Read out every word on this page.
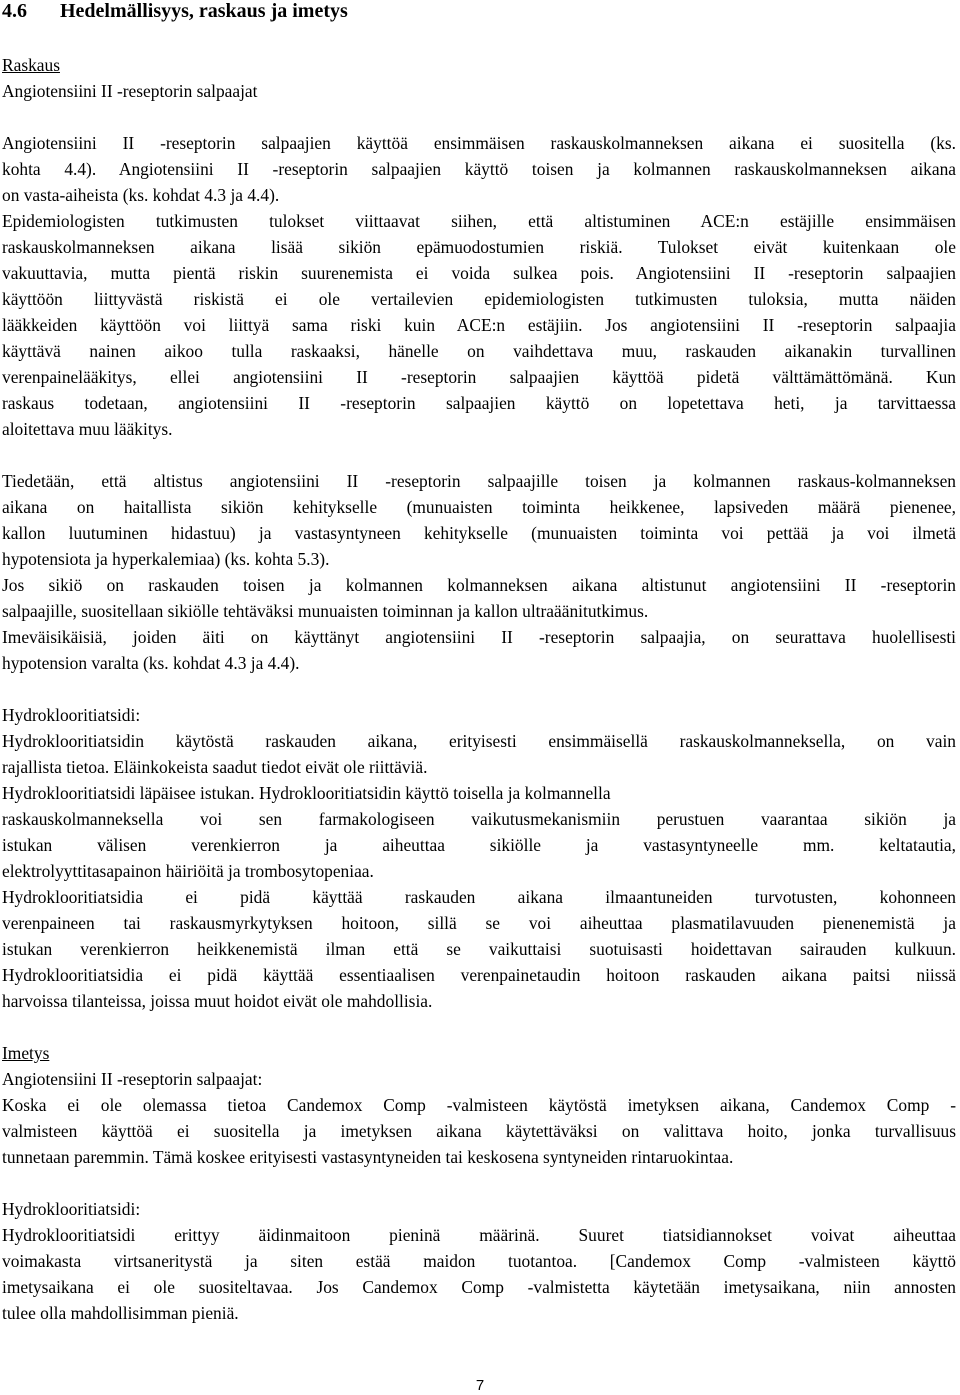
4.6 Hedelmällisyys, raskaus ja imetys

Raskaus

Angiotensiini II -reseptorin salpaajat

Angiotensiini II -reseptorin salpaajien käyttöä ensimmäisen raskauskolmanneksen aikana ei suositella (ks.

kohta 4.4). Angiotensiini II -reseptorin salpaajien käyttö toisen ja kolmannen raskauskolmanneksen aikana

on vasta-aiheista (ks. kohdat 4.3 ja 4.4).

Epidemiologisten tutkimusten tulokset viittaavat siihen, että altistuminen ACE:n estäjille ensimmäisen

raskauskolmanneksen aikana lisää sikiön epämuodostumien riskiä. Tulokset eivät kuitenkaan ole

vakuuttavia, mutta pientä riskin suurenemista ei voida sulkea pois. Angiotensiini II -reseptorin salpaajien

käyttöön liittyvästä riskistä ei ole vertailevien epidemiologisten tutkimusten tuloksia, mutta näiden

lääkkeiden käyttöön voi liittyä sama riski kuin ACE:n estäjiin. Jos angiotensiini II -reseptorin salpaajia

käyttävä nainen aikoo tulla raskaaksi, hänelle on vaihdettava muu, raskauden aikanakin turvallinen

verenpainelääkitys, ellei angiotensiini II -reseptorin salpaajien käyttöä pidetä välttämättömänä. Kun

raskaus todetaan, angiotensiini II -reseptorin salpaajien käyttö on lopetettava heti, ja tarvittaessa

aloitettava muu lääkitys.

Tiedetään, että altistus angiotensiini II -reseptorin salpaajille toisen ja kolmannen raskaus-kolmanneksen

aikana on haitallista sikiön kehitykselle (munuaisten toiminta heikkenee, lapsiveden määrä pienenee,

kallon luutuminen hidastuu) ja vastasyntyneen kehitykselle (munuaisten toiminta voi pettää ja voi ilmetä

hypotensiota ja hyperkalemiaa) (ks. kohta 5.3).

Jos sikiö on raskauden toisen ja kolmannen kolmanneksen aikana altistunut angiotensiini II -reseptorin

salpaajille, suositellaan sikiölle tehtäväksi munuaisten toiminnan ja kallon ultraäänitutkimus.

Imeväisikäisiä, joiden äiti on käyttänyt angiotensiini II -reseptorin salpaajia, on seurattava huolellisesti

hypotension varalta (ks. kohdat 4.3 ja 4.4).

Hydroklooritiatsidi:

Hydroklooritiatsidin käytöstä raskauden aikana, erityisesti ensimmäisellä raskauskolmanneksella, on vain

rajallista tietoa. Eläinkokeista saadut tiedot eivät ole riittäviä.

Hydroklooritiatsidi läpäisee istukan. Hydroklooritiatsidin käyttö toisella ja kolmannella

raskauskolmanneksella voi sen farmakologiseen vaikutusmekanismiin perustuen vaarantaa sikiön ja

istukan välisen verenkierron ja aiheuttaa sikiölle ja vastasyntyneelle mm. keltatautia,

elektrolyyttitasapainon häiriöitä ja trombosytopeniaa.

Hydroklooritiatsidia ei pidä käyttää raskauden aikana ilmaantuneiden turvotusten, kohonneen

verenpaineen tai raskausmyrkytyksen hoitoon, sillä se voi aiheuttaa plasmatilavuuden pienenemistä ja

istukan verenkierron heikkenemistä ilman että se vaikuttaisi suotuisasti hoidettavan sairauden kulkuun.

Hydroklooritiatsidia ei pidä käyttää essentiaalisen verenpainetaudin hoitoon raskauden aikana paitsi niissä

harvoissa tilanteissa, joissa muut hoidot eivät ole mahdollisia.

Imetys

Angiotensiini II -reseptorin salpaajat:

Koska ei ole olemassa tietoa Candemox Comp -valmisteen käytöstä imetyksen aikana, Candemox Comp -

valmisteen käyttöä ei suositella ja imetyksen aikana käytettäväksi on valittava hoito, jonka turvallisuus

tunnetaan paremmin. Tämä koskee erityisesti vastasyntyneiden tai keskosena syntyneiden rintaruokintaa.

Hydroklooritiatsidi:

Hydroklooritiatsidi erittyy äidinmaitoon pieninä määrinä. Suuret tiatsidiannokset voivat aiheuttaa

voimakasta virtsaneritystä ja siten estää maidon tuotantoa. [Candemox Comp -valmisteen käyttö

imetysaikana ei ole suositeltavaa. Jos Candemox Comp -valmistetta käytetään imetysaikana, niin annosten

tulee olla mahdollisimman pieniä.

7
